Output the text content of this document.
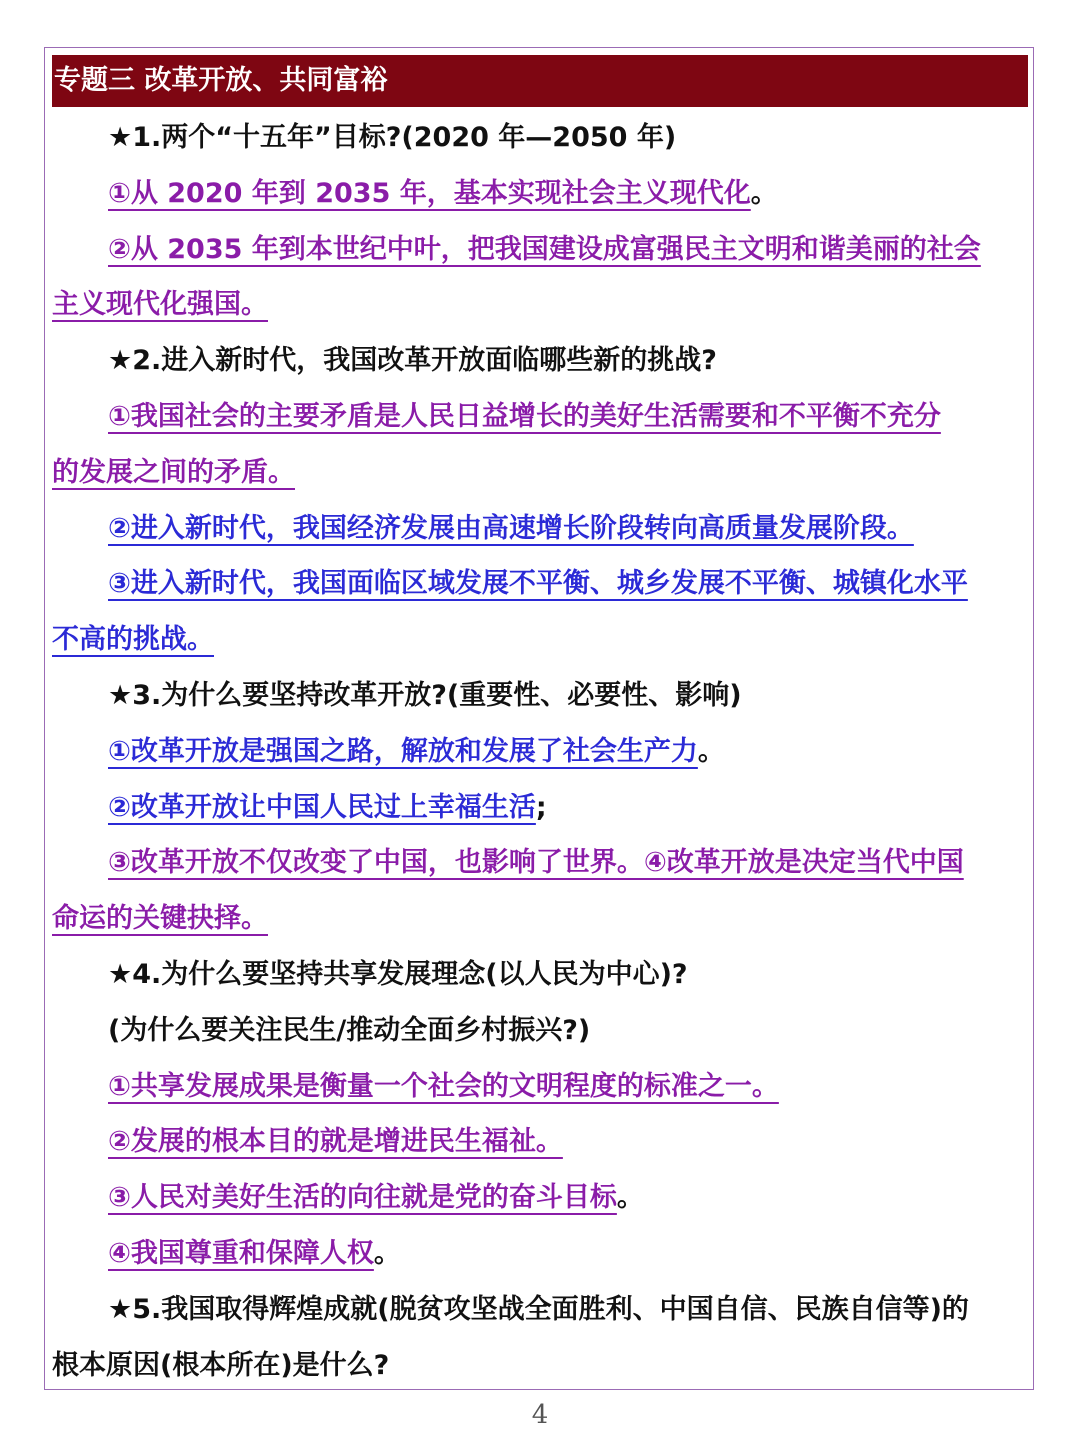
专题三 改革开放、共同富裕
★1.两个“十五年”目标?(2020 年—2050 年)
①从 2020 年到 2035 年，基本实现社会主义现代化。
②从 2035 年到本世纪中叶，把我国建设成富强民主文明和谐美丽的社会
主义现代化强国。
★2.进入新时代，我国改革开放面临哪些新的挑战?
①我国社会的主要矛盾是人民日益增长的美好生活需要和不平衡不充分
的发展之间的矛盾。
②进入新时代，我国经济发展由高速增长阶段转向高质量发展阶段。
③进入新时代，我国面临区域发展不平衡、城乡发展不平衡、城镇化水平
不高的挑战。
★3.为什么要坚持改革开放?(重要性、必要性、影响)
①改革开放是强国之路，解放和发展了社会生产力。
②改革开放让中国人民过上幸福生活;
③改革开放不仅改变了中国，也影响了世界。④改革开放是决定当代中国
命运的关键抉择。
★4.为什么要坚持共享发展理念(以人民为中心)?
(为什么要关注民生/推动全面乡村振兴?)
①共享发展成果是衡量一个社会的文明程度的标准之一。
②发展的根本目的就是增进民生福祉。
③人民对美好生活的向往就是党的奋斗目标。
④我国尊重和保障人权。
★5.我国取得辉煌成就(脱贫攻坚战全面胜利、中国自信、民族自信等)的
根本原因(根本所在)是什么?
4
